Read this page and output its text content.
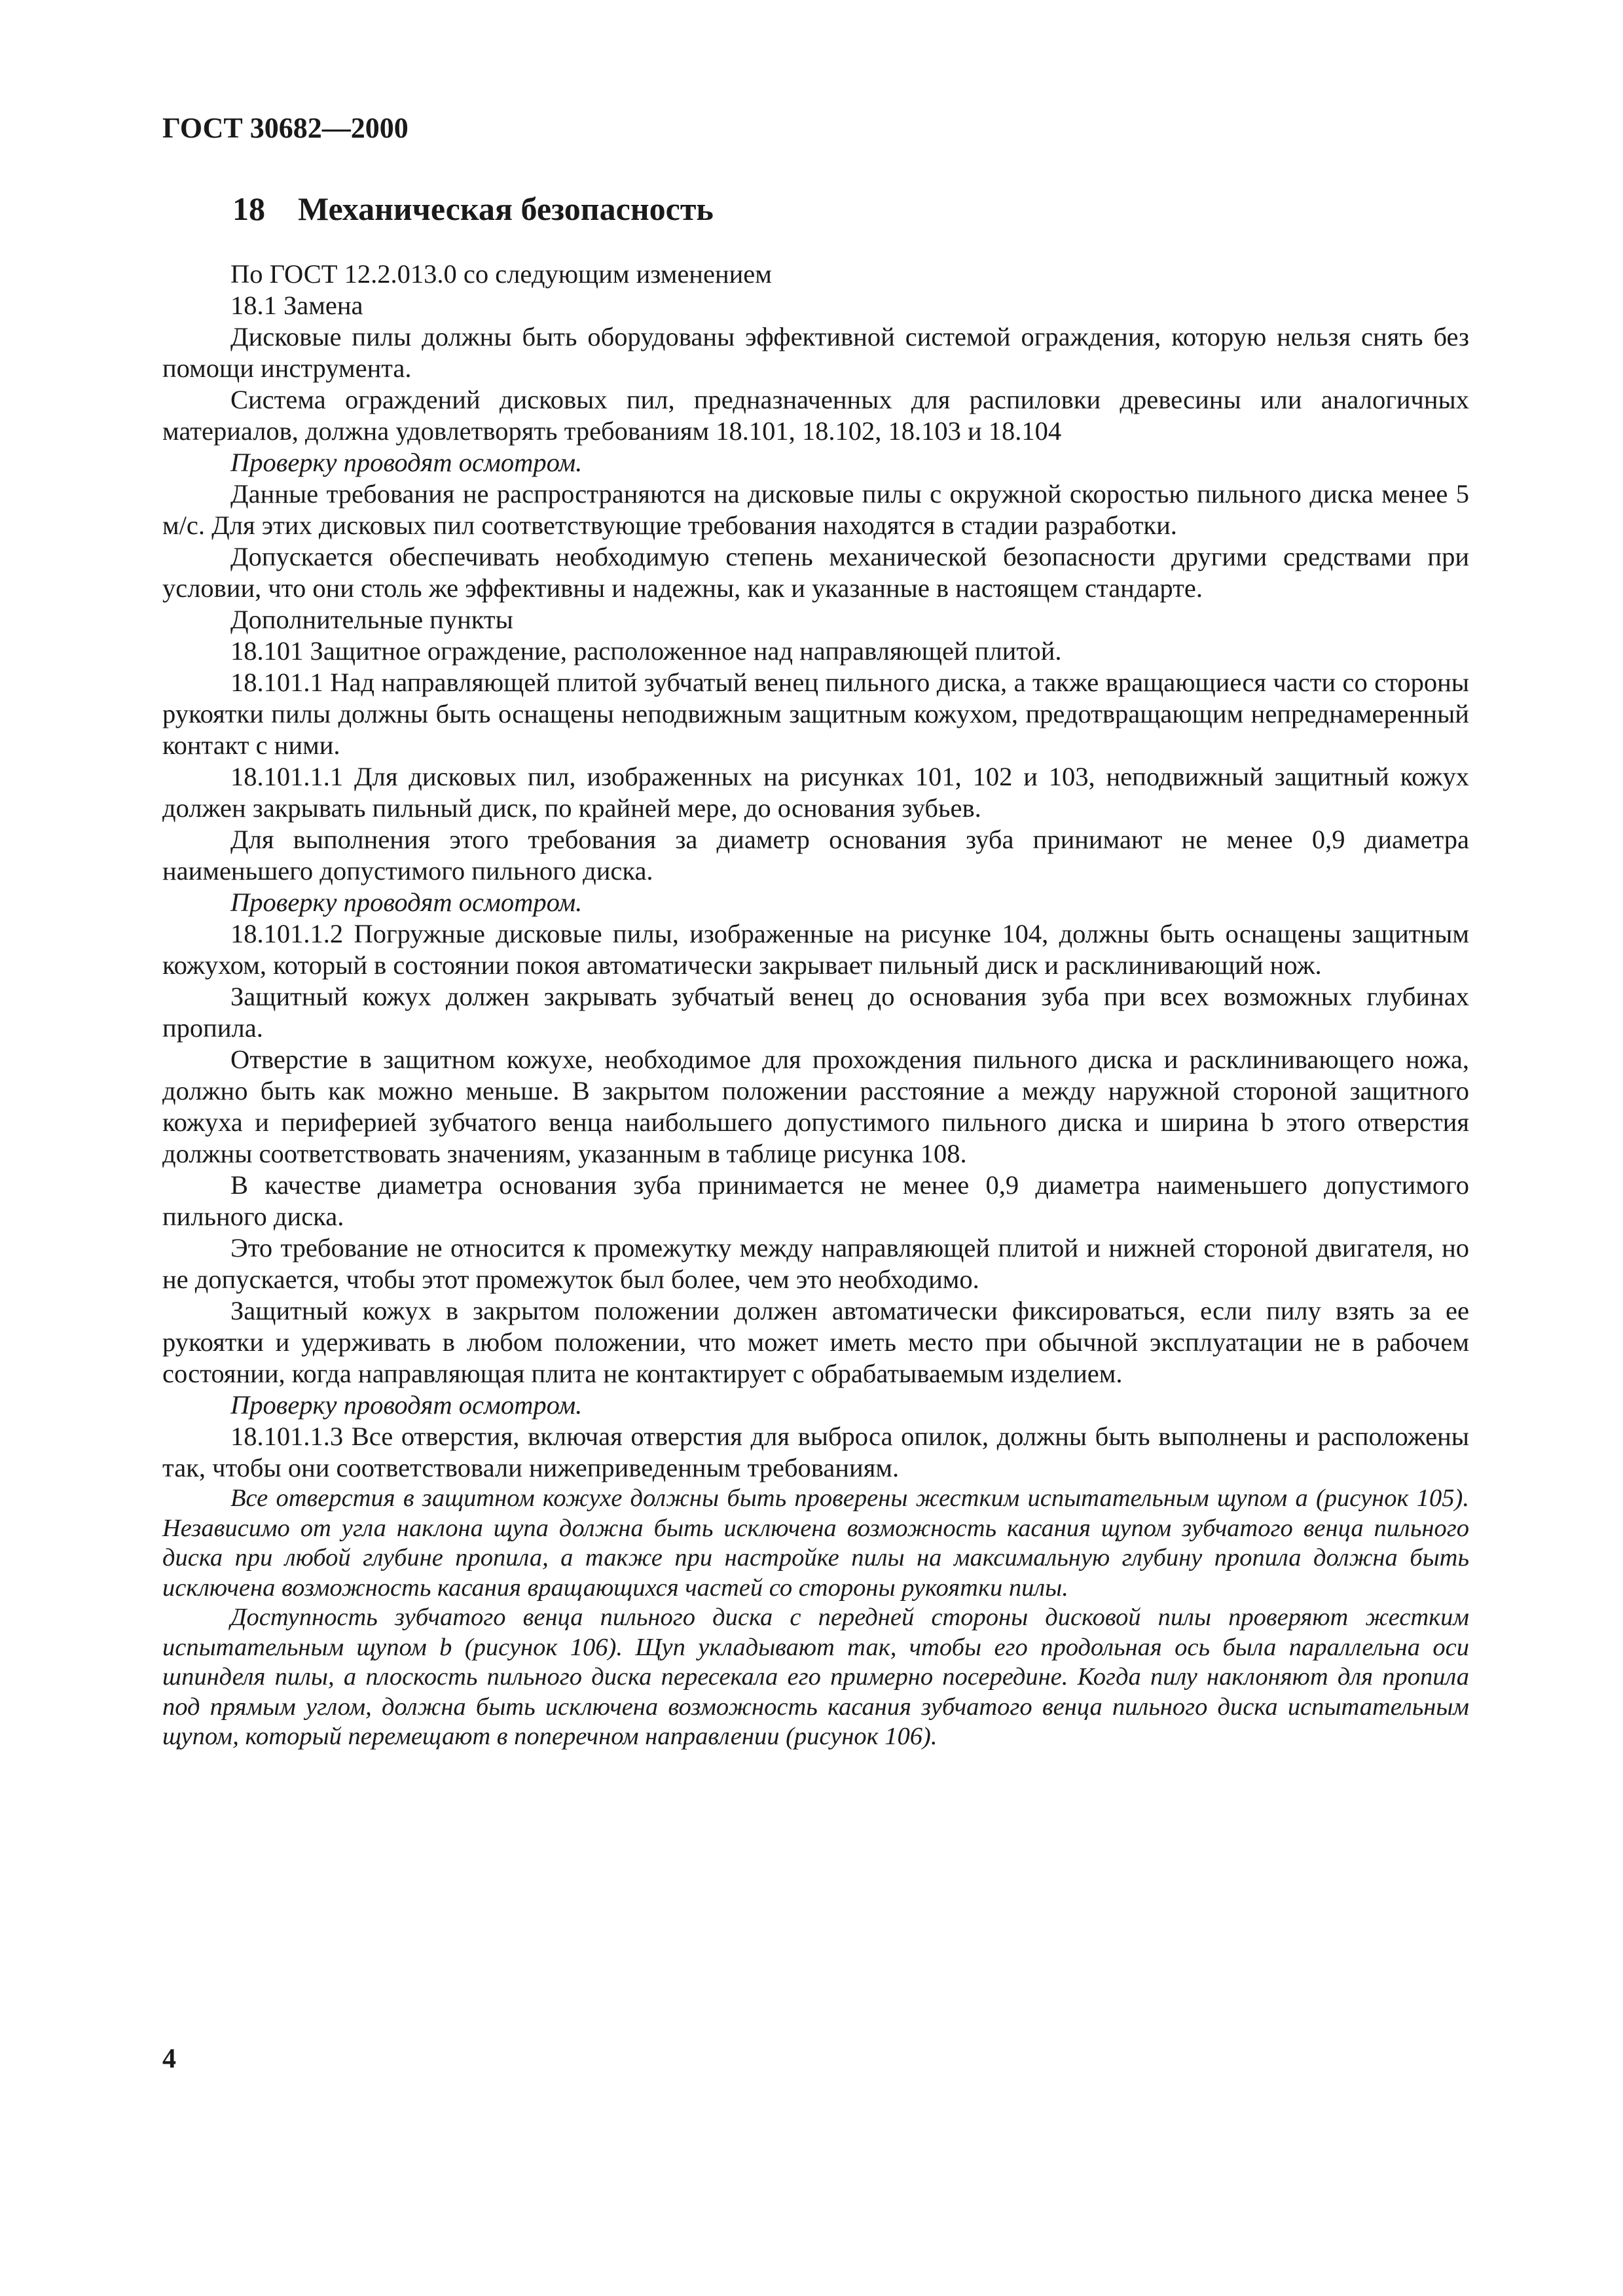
ГОСТ 30682—2000
18 Механическая безопасность

По ГОСТ 12.2.013.0 со следующим изменением

18.1 Замена

Дисковые пилы должны быть оборудованы эффективной системой ограждения, которую нельзя снять без помощи инструмента.

Система ограждений дисковых пил, предназначенных для распиловки древесины или аналогичных материалов, должна удовлетворять требованиям 18.101, 18.102, 18.103 и 18.104

Проверку проводят осмотром.

Данные требования не распространяются на дисковые пилы с окружной скоростью пильного диска менее 5 м/с. Для этих дисковых пил соответствующие требования находятся в стадии разработки.

Допускается обеспечивать необходимую степень механической безопасности другими средствами при условии, что они столь же эффективны и надежны, как и указанные в настоящем стандарте.

Дополнительные пункты

18.101 Защитное ограждение, расположенное над направляющей плитой.

18.101.1 Над направляющей плитой зубчатый венец пильного диска, а также вращающиеся части со стороны рукоятки пилы должны быть оснащены неподвижным защитным кожухом, предотвращающим непреднамеренный контакт с ними.

18.101.1.1 Для дисковых пил, изображенных на рисунках 101, 102 и 103, неподвижный защитный кожух должен закрывать пильный диск, по крайней мере, до основания зубьев.

Для выполнения этого требования за диаметр основания зуба принимают не менее 0,9 диаметра наименьшего допустимого пильного диска.

Проверку проводят осмотром.

18.101.1.2 Погружные дисковые пилы, изображенные на рисунке 104, должны быть оснащены защитным кожухом, который в состоянии покоя автоматически закрывает пильный диск и расклинивающий нож.

Защитный кожух должен закрывать зубчатый венец до основания зуба при всех возможных глубинах пропила.

Отверстие в защитном кожухе, необходимое для прохождения пильного диска и расклинивающего ножа, должно быть как можно меньше. В закрытом положении расстояние a между наружной стороной защитного кожуха и периферией зубчатого венца наибольшего допустимого пильного диска и ширина b этого отверстия должны соответствовать значениям, указанным в таблице рисунка 108.

В качестве диаметра основания зуба принимается не менее 0,9 диаметра наименьшего допустимого пильного диска.

Это требование не относится к промежутку между направляющей плитой и нижней стороной двигателя, но не допускается, чтобы этот промежуток был более, чем это необходимо.

Защитный кожух в закрытом положении должен автоматически фиксироваться, если пилу взять за ее рукоятки и удерживать в любом положении, что может иметь место при обычной эксплуатации не в рабочем состоянии, когда направляющая плита не контактирует с обрабатываемым изделием.

Проверку проводят осмотром.

18.101.1.3 Все отверстия, включая отверстия для выброса опилок, должны быть выполнены и расположены так, чтобы они соответствовали нижеприведенным требованиям.

Все отверстия в защитном кожухе должны быть проверены жестким испытательным щупом a (рисунок 105). Независимо от угла наклона щупа должна быть исключена возможность касания щупом зубчатого венца пильного диска при любой глубине пропила, а также при настройке пилы на максимальную глубину пропила должна быть исключена возможность касания вращающихся частей со стороны рукоятки пилы.

Доступность зубчатого венца пильного диска с передней стороны дисковой пилы проверяют жестким испытательным щупом b (рисунок 106). Щуп укладывают так, чтобы его продольная ось была параллельна оси шпинделя пилы, а плоскость пильного диска пересекала его примерно посередине. Когда пилу наклоняют для пропила под прямым углом, должна быть исключена возможность касания зубчатого венца пильного диска испытательным щупом, который перемещают в поперечном направлении (рисунок 106).

4
